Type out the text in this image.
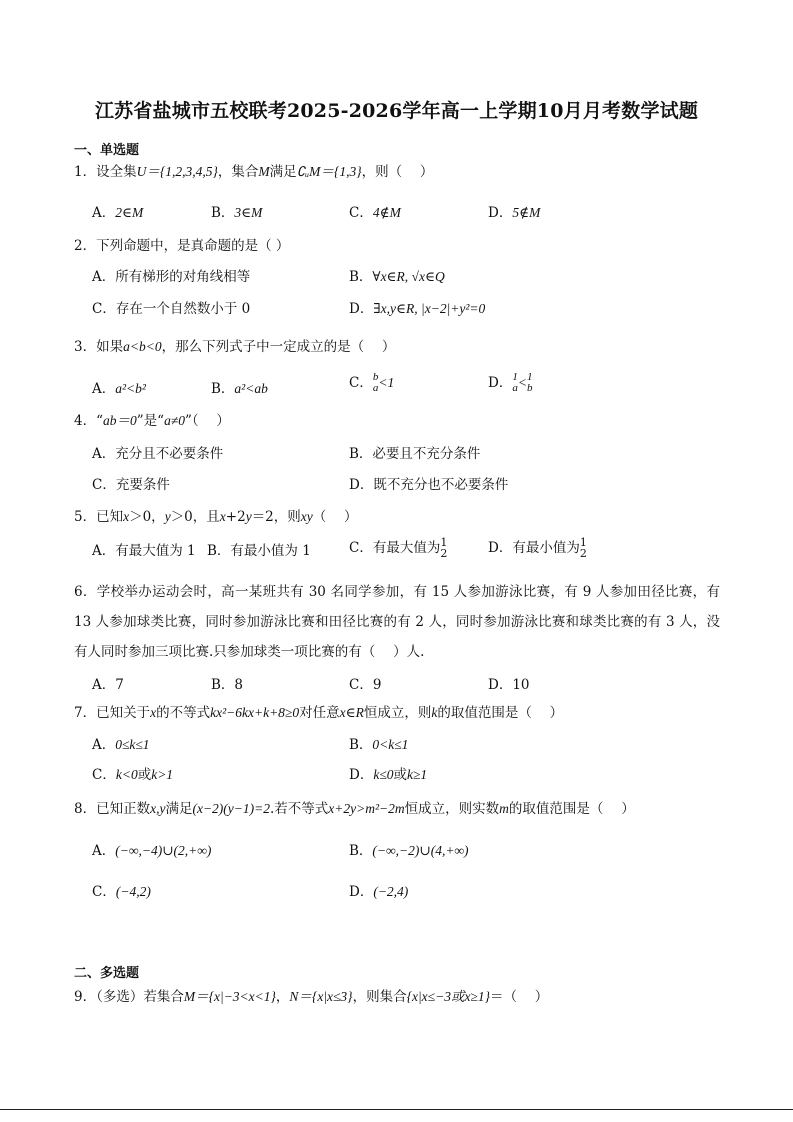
江苏省盐城市五校联考2025-2026学年高一上学期10月月考数学试题
一、单选题
1．设全集U＝{1,2,3,4,5}，集合M满足∁ᵤM＝{1,3}，则（　 ）
A．2∈M	B．3∈M	C．4∉M	D．5∉M
2．下列命题中，是真命题的是（ ）
A．所有梯形的对角线相等	B．∀x∈R, √x∈Q
C．存在一个自然数小于 0	D．∃x,y∈R, |x−2|+y²=0
3．如果a<b<0，那么下列式子中一定成立的是（　 ）
A．a²<b²	B．a²<ab	C． b
a <1	D． 1
a < 1
b
4．“ab＝0”是“a≠0”（　 ）
A．充分且不必要条件	B．必要且不充分条件
C．充要条件	D．既不充分也不必要条件
5．已知x＞0，y＞0，且x+2y＝2，则xy（　 ）
A．有最大值为 1 B．有最小值为 1	C．有最大值为 1
2	D．有最小值为 1
2
6．学校举办运动会时，高一某班共有 30 名同学参加，有 15 人参加游泳比赛，有 9 人参加田径比赛，有 13 人参加球类比赛，同时参加游泳比赛和田径比赛的有 2 人，同时参加游泳比赛和球类比赛的有 3 人，没有人同时参加三项比赛.只参加球类一项比赛的有（　 ）人.
A．7	B．8	C．9	D．10
7．已知关于x的不等式kx²−6kx+k+8≥0对任意x∈R恒成立，则k的取值范围是（　 ）
A．0≤k≤1	B．0<k≤1
C．k<0或k>1	D．k≤0或k≥1
8．已知正数x,y满足(x−2)(y−1)=2.若不等式x+2y>m²−2m恒成立，则实数m的取值范围是（　 ）
A．(−∞,−4)∪(2,+∞)	B．(−∞,−2)∪(4,+∞)
C．(−4,2)	D．(−2,4)
二、多选题
9．（多选）若集合M＝{x|−3<x<1}，N＝{x|x≤3}，则集合{x|x≤−3或x≥1}＝（　 ）
